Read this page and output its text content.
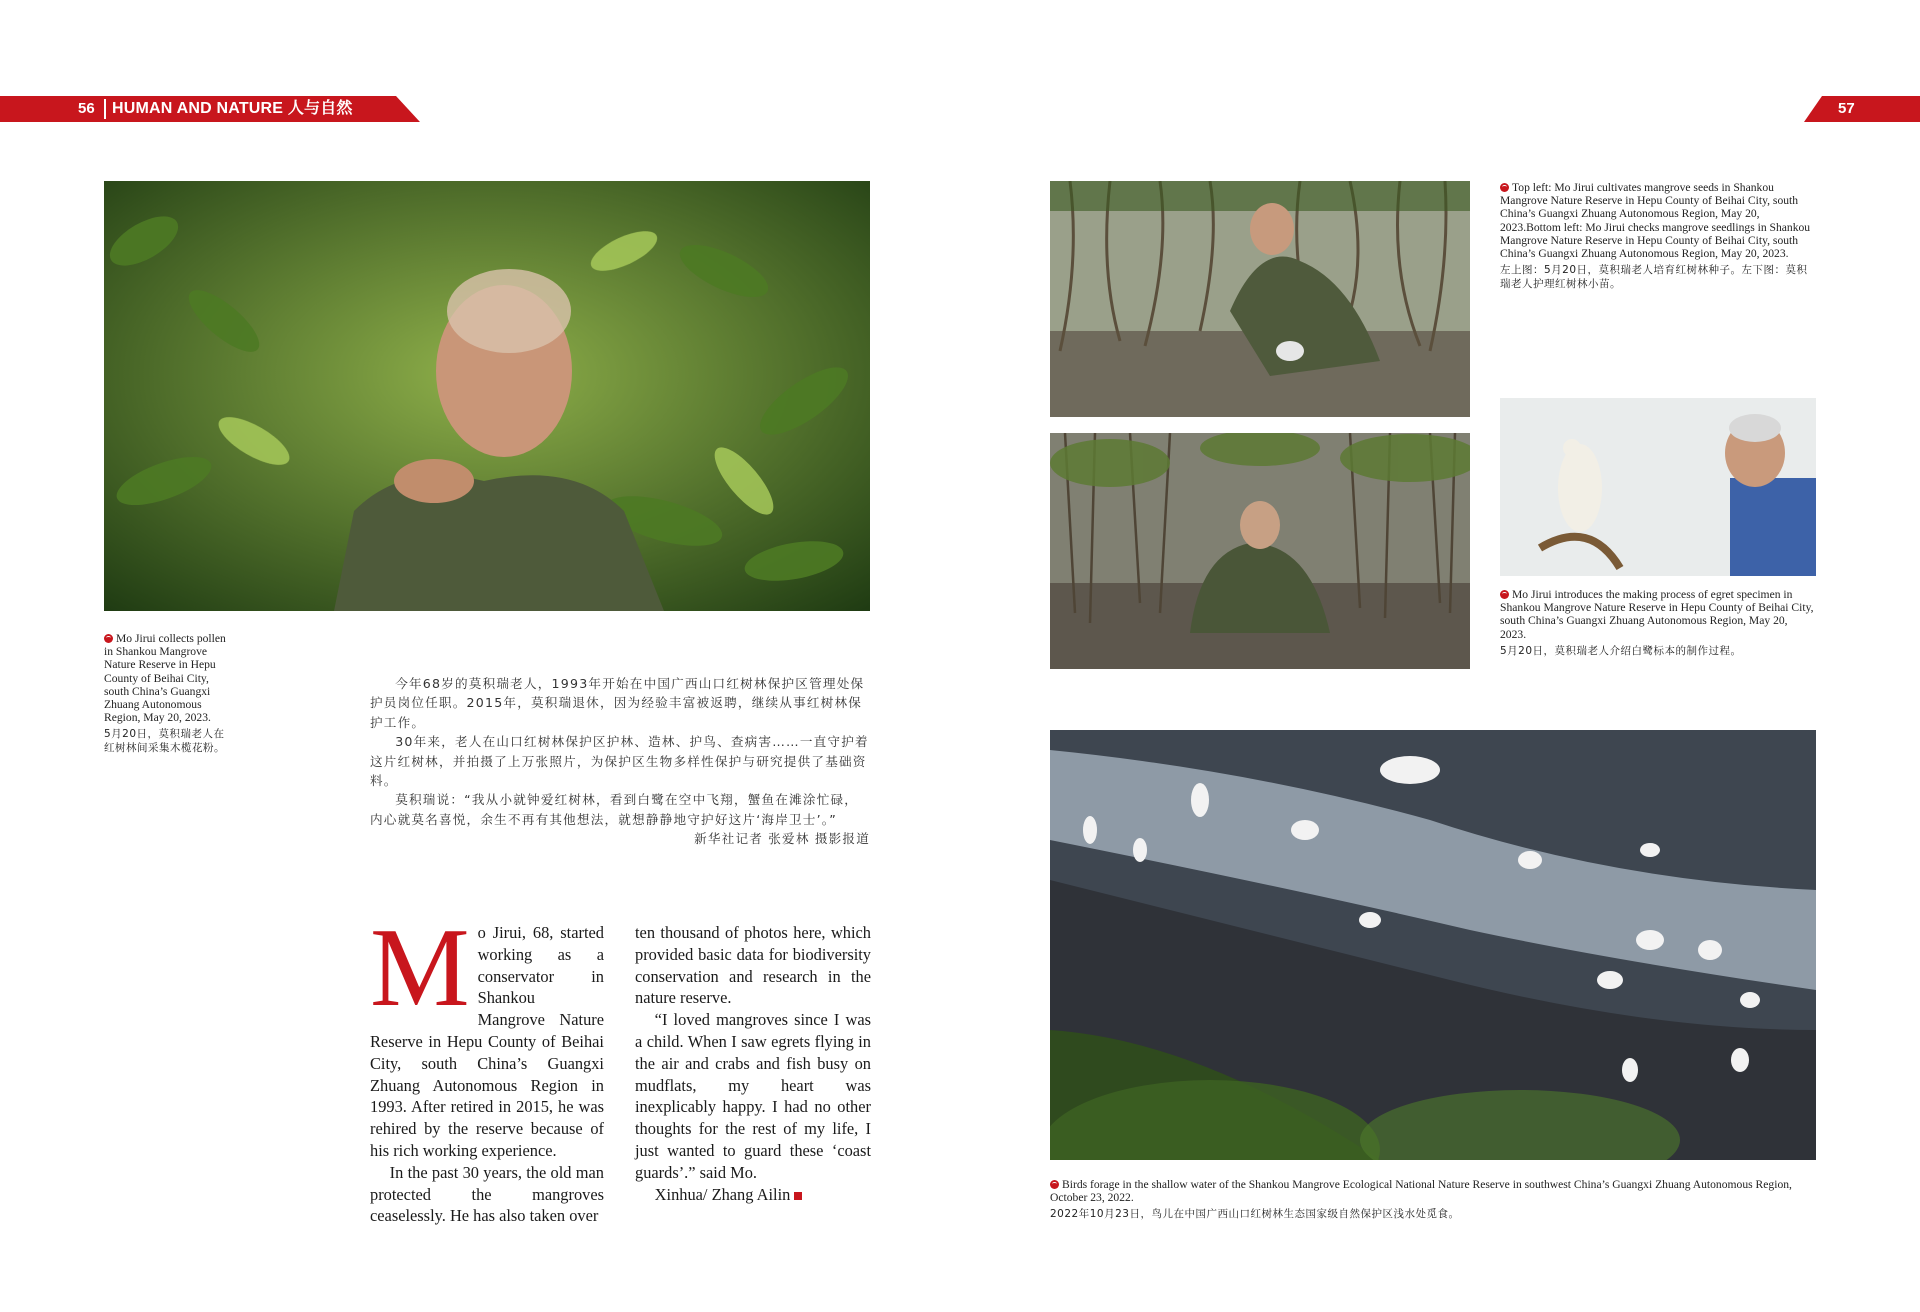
56 HUMAN AND NATURE 人与自然	57
Mo Jirui collects pollen in Shankou Mangrove Nature Reserve in Hepu County of Beihai City, south China’s Guangxi Zhuang Autonomous Region, May 20, 2023.
5月20日，莫积瑞老人在红树林间采集木榄花粉。

今年68岁的莫积瑞老人，1993年开始在中国广西山口红树林保护区管理处保护员岗位任职。2015年，莫积瑞退休，因为经验丰富被返聘，继续从事红树林保护工作。

30年来，老人在山口红树林保护区护林、造林、护鸟、查病害……一直守护着这片红树林，并拍摄了上万张照片，为保护区生物多样性保护与研究提供了基础资料。

莫积瑞说：“我从小就钟爱红树林，看到白鹭在空中飞翔，蟹鱼在滩涂忙碌，内心就莫名喜悦，余生不再有其他想法，就想静静地守护好这片‘海岸卫士’。”

新华社记者 张爱林 摄影报道

Mo Jirui, 68, started working as a conservator in Shankou Mangrove Nature Reserve in Hepu County of Beihai City, south China’s Guangxi Zhuang Autonomous Region in 1993. After retired in 2015, he was rehired by the reserve because of his rich working experience.

In the past 30 years, the old man protected the mangroves ceaselessly. He has also taken over

ten thousand of photos here, which provided basic data for biodiversity conservation and research in the nature reserve.

“I loved mangroves since I was a child. When I saw egrets flying in the air and crabs and fish busy on mudflats, my heart was inexplicably happy. I had no other thoughts for the rest of my life, I just wanted to guard these ‘coast guards’.” said Mo.

Xinhua/ Zhang Ailin

Top left: Mo Jirui cultivates mangrove seeds in Shankou Mangrove Nature Reserve in Hepu County of Beihai City, south China’s Guangxi Zhuang Autonomous Region, May 20, 2023.Bottom left: Mo Jirui checks mangrove seedlings in Shankou Mangrove Nature Reserve in Hepu County of Beihai City, south China’s Guangxi Zhuang Autonomous Region, May 20, 2023.
左上图：5月20日，莫积瑞老人培育红树林种子。左下图：莫积瑞老人护理红树林小苗。
Mo Jirui introduces the making process of egret specimen in Shankou Mangrove Nature Reserve in Hepu County of Beihai City, south China’s Guangxi Zhuang Autonomous Region, May 20, 2023.
5月20日，莫积瑞老人介绍白鹭标本的制作过程。
Birds forage in the shallow water of the Shankou Mangrove Ecological National Nature Reserve in southwest China’s Guangxi Zhuang Autonomous Region, October 23, 2022.
2022年10月23日，鸟儿在中国广西山口红树林生态国家级自然保护区浅水处觅食。
